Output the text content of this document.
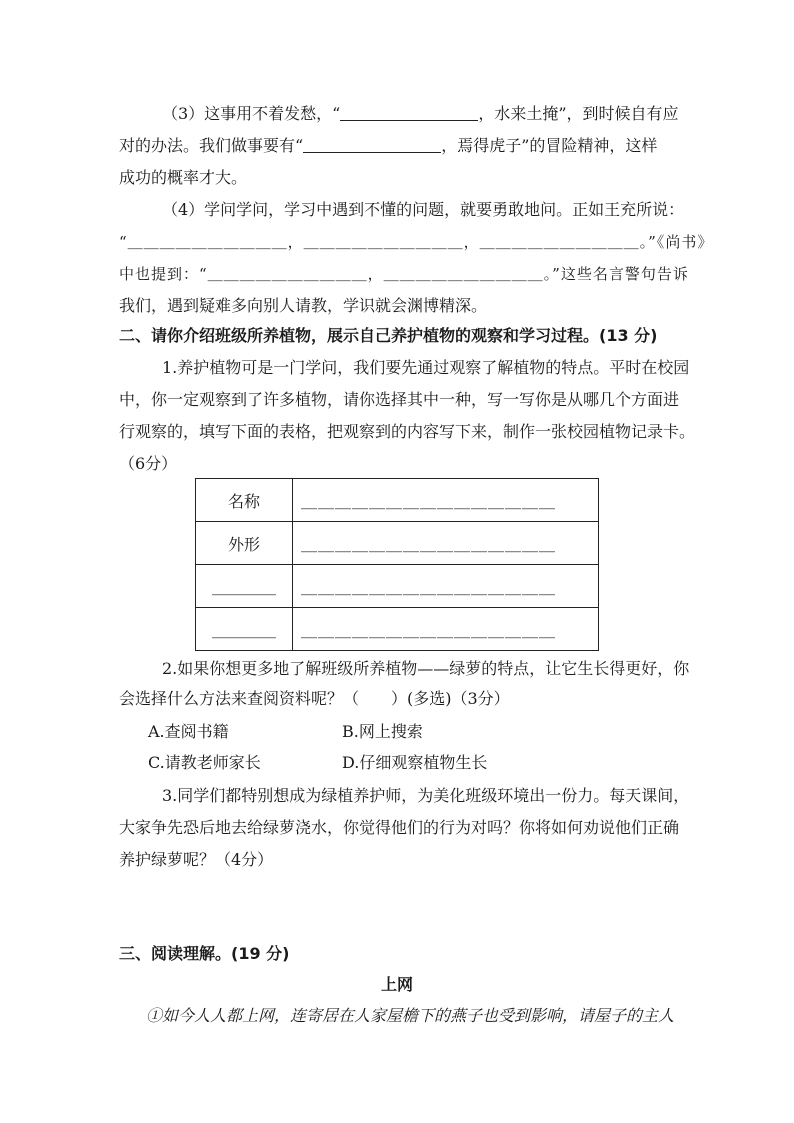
（3）这事用不着发愁，“	，水来土掩”，到时候自有应
对的办法。我们做事要有“	，焉得虎子”的冒险精神，这样
成功的概率才大。
（4）学问学问，学习中遇到不懂的问题，就要勇敢地问。正如王充所说：
“＿＿＿＿＿＿＿＿＿＿，＿＿＿＿＿＿＿＿＿＿，＿＿＿＿＿＿＿＿＿＿。”《尚书》
中也提到：“＿＿＿＿＿＿＿＿＿＿，＿＿＿＿＿＿＿＿＿＿。”这些名言警句告诉
我们，遇到疑难多向别人请教，学识就会渊博精深。
二、请你介绍班级所养植物，展示自己养护植物的观察和学习过程。(13 分)
1.养护植物可是一门学问，我们要先通过观察了解植物的特点。平时在校园
中，你一定观察到了许多植物，请你选择其中一种，写一写你是从哪几个方面进
行观察的，填写下面的表格，把观察到的内容写下来，制作一张校园植物记录卡。
（6分）
名称	＿＿＿＿＿＿＿＿＿＿＿＿＿＿＿
外形	＿＿＿＿＿＿＿＿＿＿＿＿＿＿＿
＿＿＿＿	＿＿＿＿＿＿＿＿＿＿＿＿＿＿＿
＿＿＿＿	＿＿＿＿＿＿＿＿＿＿＿＿＿＿＿
2.如果你想更多地了解班级所养植物——绿萝的特点，让它生长得更好，你
会选择什么方法来查阅资料呢？（　　）(多选)（3分）
A.查阅书籍	B.网上搜索
C.请教老师家长	D.仔细观察植物生长
3.同学们都特别想成为绿植养护师，为美化班级环境出一份力。每天课间，
大家争先恐后地去给绿萝浇水，你觉得他们的行为对吗？你将如何劝说他们正确
养护绿萝呢？（4分）
三、阅读理解。(19 分)
上网
①如今人人都上网，连寄居在人家屋檐下的燕子也受到影响，请屋子的主人
